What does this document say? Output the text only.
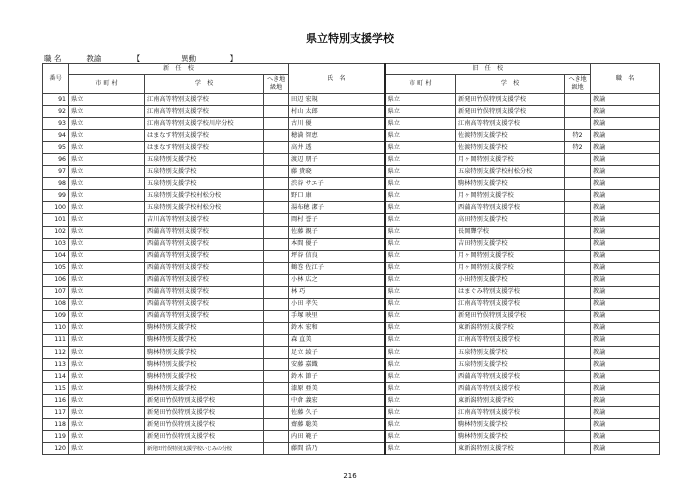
県立特別支援学校
職 名	教諭	【	異動	】
番号	新　任　校			氏　名	旧　任　校			職　名
	市 町 村	学　校	へき地級地		市 町 村	学　校	へき地級地	
91	県立	江南高等特別支援学校		田辺 宏規	県立	新発田竹俣特別支援学校		教諭
92	県立	江南高等特別支援学校		村山 太郎	県立	新発田竹俣特別支援学校		教諭
93	県立	江南高等特別支援学校川岸分校		古川 優	県立	江南高等特別支援学校		教諭
94	県立	はまなす特別支援学校		穂満 智恵	県立	佐渡特別支援学校	特2	教諭
95	県立	はまなす特別支援学校		高井 透	県立	佐渡特別支援学校	特2	教諭
96	県立	五泉特別支援学校		渡辺 朋子	県立	月ヶ岡特別支援学校		教諭
97	県立	五泉特別支援学校		藤 貴晓	県立	五泉特別支援学校村松分校		教諭
98	県立	五泉特別支援学校		渋谷 サエ子	県立	駒林特別支援学校		教諭
99	県立	五泉特別支援学校村松分校		野口 康	県立	月ヶ岡特別支援学校		教諭
100	県立	五泉特別支援学校村松分校		湯布穂 潔子	県立	西蒲高等特別支援学校		教諭
101	県立	吉川高等特別支援学校		岡村 誉子	県立	高田特別支援学校		教諭
102	県立	西蒲高等特別支援学校		佐藤 親子	県立	長岡聾学校		教諭
103	県立	西蒲高等特別支援学校		本間 優子	県立	吉田特別支援学校		教諭
104	県立	西蒲高等特別支援学校		坪谷 信良	県立	月ヶ岡特別支援学校		教諭
105	県立	西蒲高等特別支援学校		鶴巻 佐江子	県立	月ヶ岡特別支援学校		教諭
106	県立	西蒲高等特別支援学校		小林 広之	県立	小出特別支援学校		教諭
107	県立	西蒲高等特別支援学校		林 巧	県立	はまぐみ特別支援学校		教諭
108	県立	西蒲高等特別支援学校		小田 孝矢	県立	江南高等特別支援学校		教諭
109	県立	西蒲高等特別支援学校		手塚 映里	県立	新発田竹俣特別支援学校		教諭
110	県立	駒林特別支援学校		鈴木 宏和	県立	東新潟特別支援学校		教諭
111	県立	駒林特別支援学校		森 直美	県立	江南高等特別支援学校		教諭
112	県立	駒林特別支援学校		足立 綾子	県立	五泉特別支援学校		教諭
113	県立	駒林特別支援学校		安藤 嘉織	県立	五泉特別支援学校		教諭
114	県立	駒林特別支援学校		鈴木 節子	県立	西蒲高等特別支援学校		教諭
115	県立	駒林特別支援学校		漆原 亜美	県立	西蒲高等特別支援学校		教諭
116	県立	新発田竹俣特別支援学校		中倉 義宏	県立	東新潟特別支援学校		教諭
117	県立	新発田竹俣特別支援学校		佐藤 久子	県立	江南高等特別支援学校		教諭
118	県立	新発田竹俣特別支援学校		齋藤 聡美	県立	駒林特別支援学校		教諭
119	県立	新発田竹俣特別支援学校		内田 範子	県立	駒林特別支援学校		教諭
120	県立	新発田竹俣特別支援学校いじみの分校		藤間 浩乃	県立	東新潟特別支援学校		教諭
216
